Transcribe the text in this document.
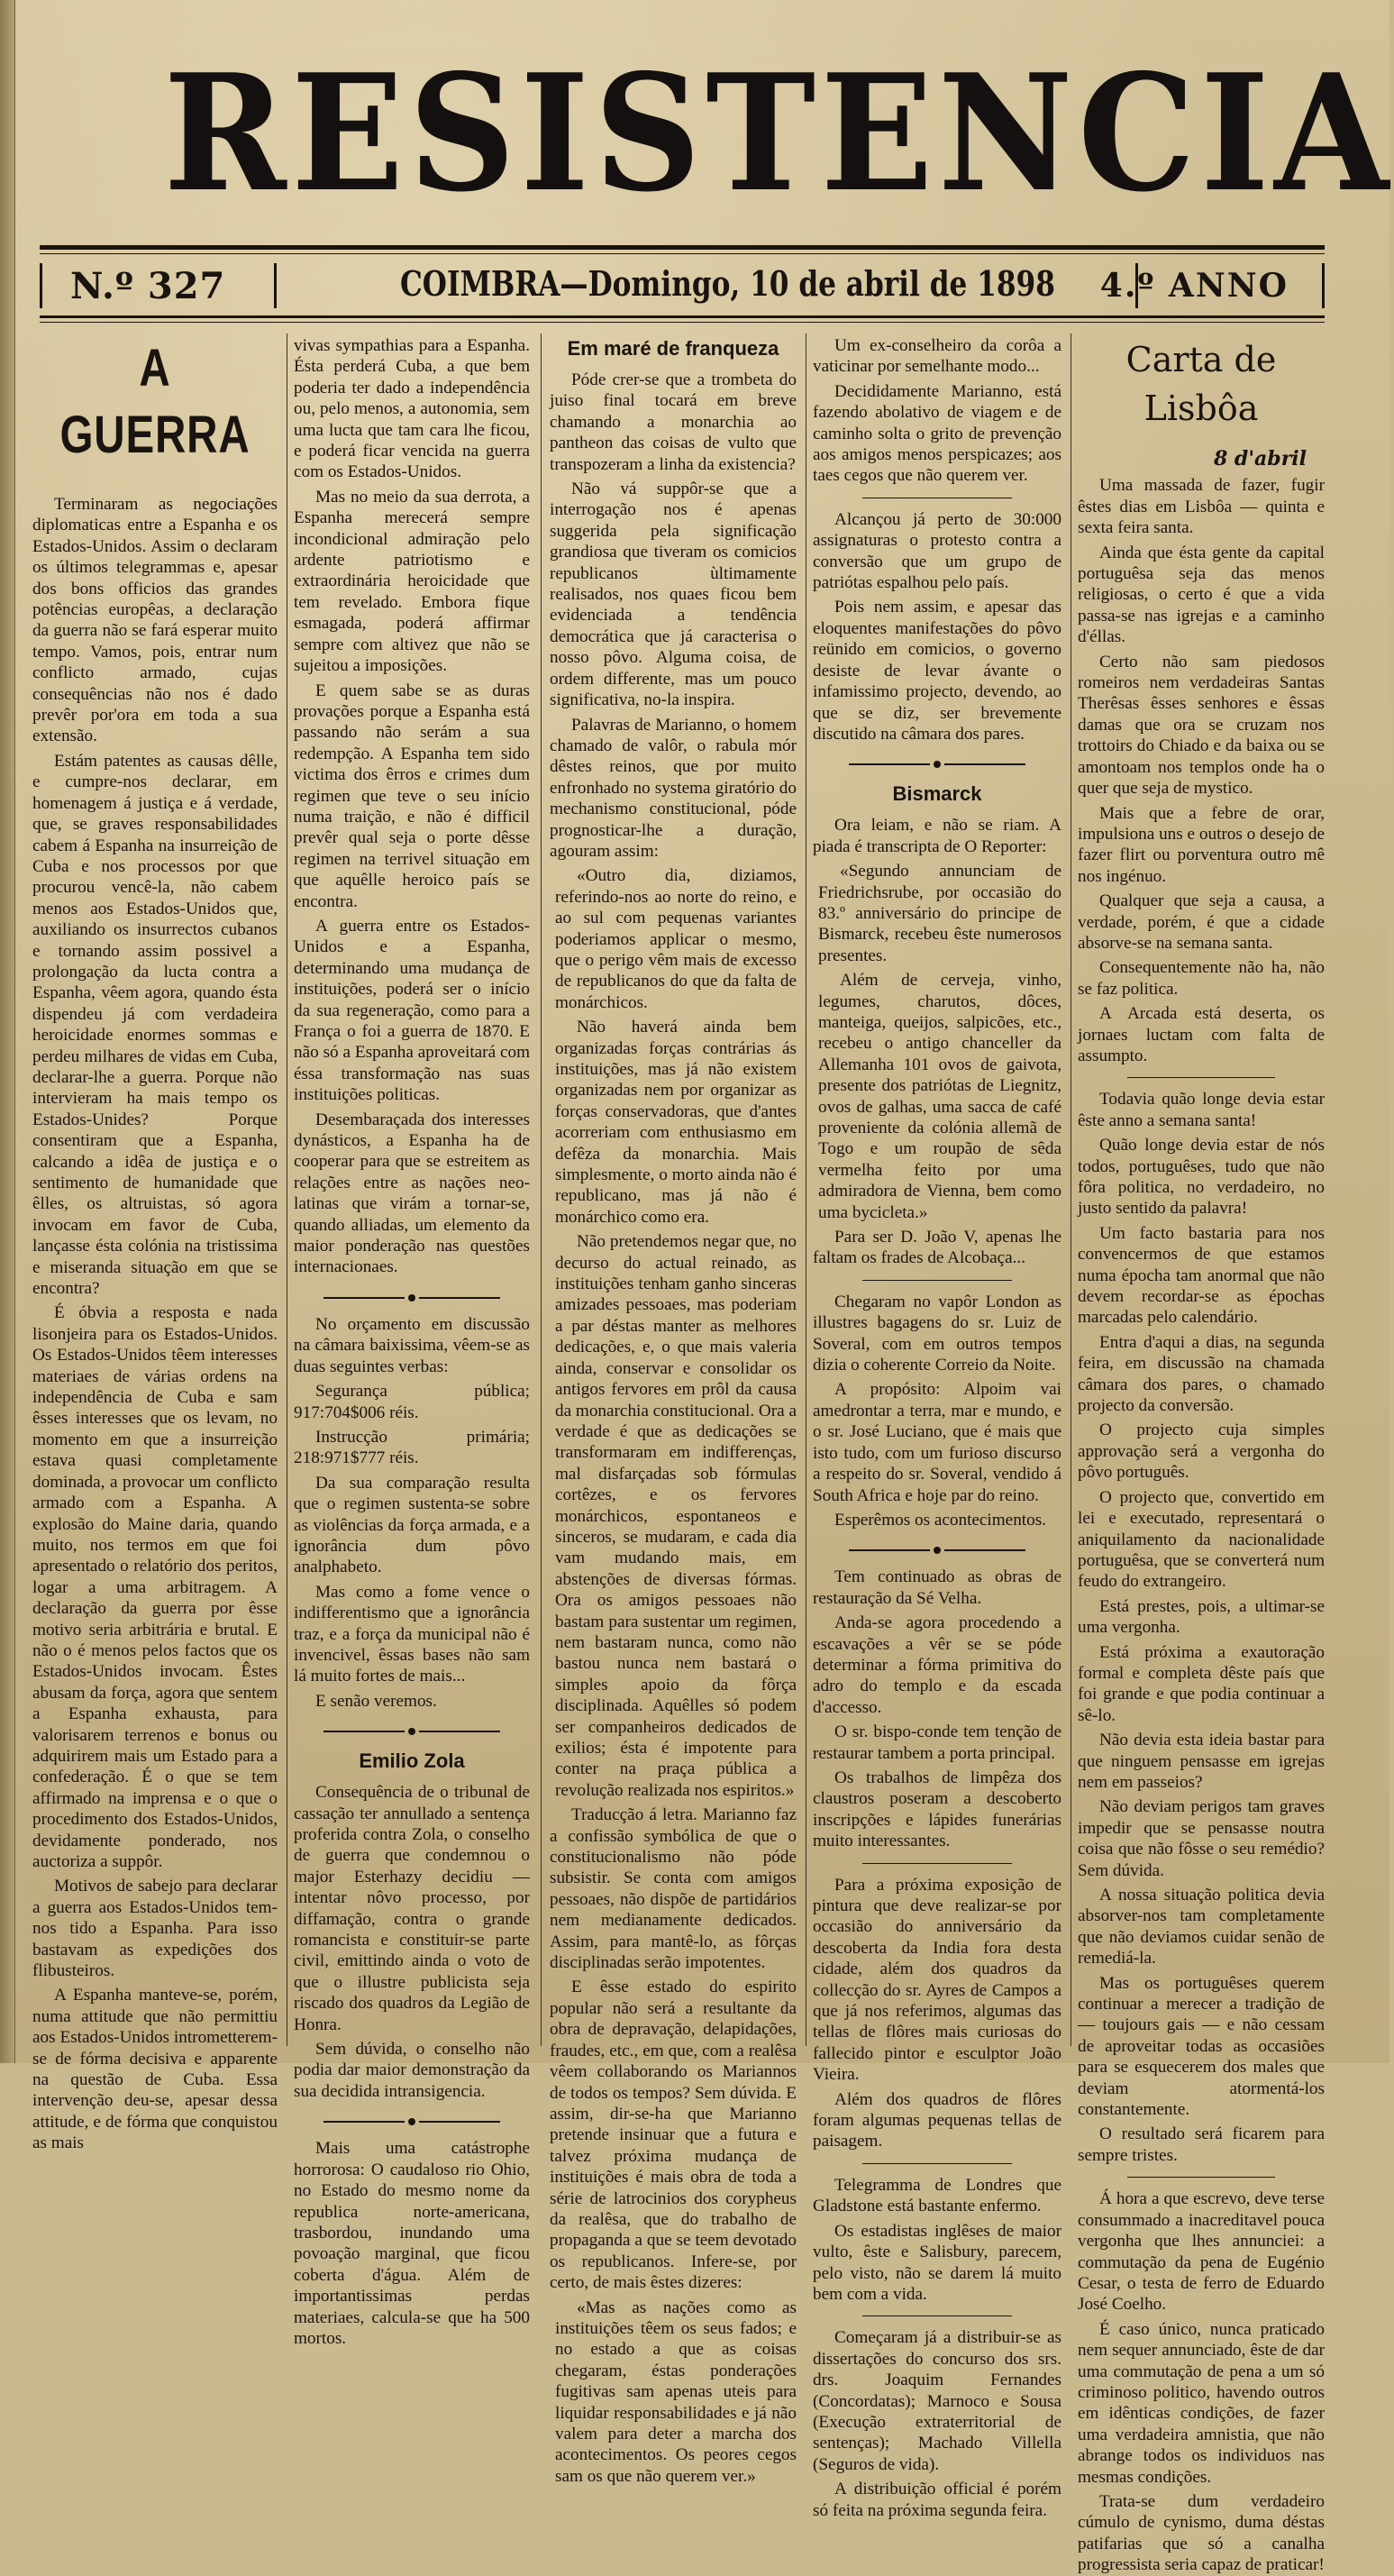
RESISTENCIA
N.º 327	COIMBRA—Domingo, 10 de abril de 1898 4.º ANNO
A GUERRA

Terminaram as negociações diplomaticas entre a Espanha e os Estados-Unidos. Assim o declaram os últimos telegrammas e, apesar dos bons officios das grandes potências europêas, a declaração da guerra não se fará esperar muito tempo. Vamos, pois, entrar num conflicto armado, cujas consequências não nos é dado prevêr por'ora em toda a sua extensão.

Estám patentes as causas dêlle, e cumpre-nos declarar, em homenagem á justiça e á verdade, que, se graves responsabilidades cabem á Espanha na insurreição de Cuba e nos processos por que procurou vencê-la, não cabem menos aos Estados-Unidos que, auxiliando os insurrectos cubanos e tornando assim possivel a prolongação da lucta contra a Espanha, vêem agora, quando ésta dispendeu já com verdadeira heroicidade enormes sommas e perdeu milhares de vidas em Cuba, declarar-lhe a guerra. Porque não intervieram ha mais tempo os Estados-Unides? Porque consentiram que a Espanha, calcando a idêa de justiça e o sentimento de humanidade que êlles, os altruistas, só agora invocam em favor de Cuba, lançasse ésta colónia na tristissima e miseranda situação em que se encontra?

É óbvia a resposta e nada lisonjeira para os Estados-Unidos. Os Estados-Unidos têem interesses materiaes de várias ordens na independência de Cuba e sam êsses interesses que os levam, no momento em que a insurreição estava quasi completamente dominada, a provocar um conflicto armado com a Espanha. A explosão do Maine daria, quando muito, nos termos em que foi apresentado o relatório dos peritos, logar a uma arbitragem. A declaração da guerra por êsse motivo seria arbitrária e brutal. E não o é menos pelos factos que os Estados-Unidos invocam. Êstes abusam da força, agora que sentem a Espanha exhausta, para valorisarem terrenos e bonus ou adquirirem mais um Estado para a confederação. É o que se tem affirmado na imprensa e o que o procedimento dos Estados-Unidos, devidamente ponderado, nos auctoriza a suppôr.

Motivos de sabejo para declarar a guerra aos Estados-Unidos tem-nos tido a Espanha. Para isso bastavam as expedições dos flibusteiros.

A Espanha manteve-se, porém, numa attitude que não permittiu aos Estados-Unidos intrometterem-se de fórma decisiva e apparente na questão de Cuba. Essa intervenção deu-se, apesar dessa attitude, e de fórma que conquistou as mais

vivas sympathias para a Espanha. Ésta perderá Cuba, a que bem poderia ter dado a independência ou, pelo menos, a autonomia, sem uma lucta que tam cara lhe ficou, e poderá ficar vencida na guerra com os Estados-Unidos.

Mas no meio da sua derrota, a Espanha merecerá sempre incondicional admiração pelo ardente patriotismo e extraordinária heroicidade que tem revelado. Embora fique esmagada, poderá affirmar sempre com altivez que não se sujeitou a imposições.

E quem sabe se as duras provações porque a Espanha está passando não serám a sua redempção. A Espanha tem sido victima dos êrros e crimes dum regimen que teve o seu início numa traição, e não é difficil prevêr qual seja o porte dêsse regimen na terrivel situação em que aquêlle heroico país se encontra.

A guerra entre os Estados-Unidos e a Espanha, determinando uma mudança de instituições, poderá ser o início da sua regeneração, como para a França o foi a guerra de 1870. E não só a Espanha aproveitará com éssa transformação nas suas instituições politicas.

Desembaraçada dos interesses dynásticos, a Espanha ha de cooperar para que se estreitem as relações entre as nações neo-latinas que virám a tornar-se, quando alliadas, um elemento da maior ponderação nas questões internacionaes.

No orçamento em discussão na câmara baixissima, vêem-se as duas seguintes verbas:

Segurança pública; 917:704$006 réis.

Instrucção primária; 218:971$777 réis.

Da sua comparação resulta que o regimen sustenta-se sobre as violências da força armada, e a ignorância dum pôvo analphabeto.

Mas como a fome vence o indifferentismo que a ignorância traz, e a força da municipal não é invencivel, êssas bases não sam lá muito fortes de mais...

E senão veremos.

Emilio Zola

Consequência de o tribunal de cassação ter annullado a sentença proferida contra Zola, o conselho de guerra que condemnou o major Esterhazy decidiu — intentar nôvo processo, por diffamação, contra o grande romancista e constituir-se parte civil, emittindo ainda o voto de que o illustre publicista seja riscado dos quadros da Legião de Honra.

Sem dúvida, o conselho não podia dar maior demonstração da sua decidida intransigencia.

Mais uma catástrophe horrorosa: O caudaloso rio Ohio, no Estado do mesmo nome da republica norte-americana, trasbordou, inundando uma povoação marginal, que ficou coberta d'água. Além de importantissimas perdas materiaes, calcula-se que ha 500 mortos.

Em maré de franqueza

Póde crer-se que a trombeta do juiso final tocará em breve chamando a monarchia ao pantheon das coisas de vulto que transpozeram a linha da existencia?

Não vá suppôr-se que a interrogação nos é apenas suggerida pela significação grandiosa que tiveram os comicios republicanos ùltimamente realisados, nos quaes ficou bem evidenciada a tendência democrática que já caracterisa o nosso pôvo. Alguma coisa, de ordem differente, mas um pouco significativa, no-la inspira.

Palavras de Marianno, o homem chamado de valôr, o rabula mór dêstes reinos, que por muito enfronhado no systema giratório do mechanismo constitucional, póde prognosticar-lhe a duração, agouram assim:

«Outro dia, diziamos, referindo-nos ao norte do reino, e ao sul com pequenas variantes poderiamos applicar o mesmo, que o perigo vêm mais de excesso de republicanos do que da falta de monárchicos.

Não haverá ainda bem organizadas forças contrárias ás instituições, mas já não existem organizadas nem por organizar as forças conservadoras, que d'antes acorreriam com enthusiasmo em defêza da monarchia. Mais simplesmente, o morto ainda não é republicano, mas já não é monárchico como era.

Não pretendemos negar que, no decurso do actual reinado, as instituições tenham ganho sinceras amizades pessoaes, mas poderiam a par déstas manter as melhores dedicações, e, o que mais valeria ainda, conservar e consolidar os antigos fervores em prôl da causa da monarchia constitucional. Ora a verdade é que as dedicações se transformaram em indifferenças, mal disfarçadas sob fórmulas cortêzes, e os fervores monárchicos, espontaneos e sinceros, se mudaram, e cada dia vam mudando mais, em abstenções de diversas fórmas. Ora os amigos pessoaes não bastam para sustentar um regimen, nem bastaram nunca, como não bastou nunca nem bastará o simples apoio da fôrça disciplinada. Aquêlles só podem ser companheiros dedicados de exilios; ésta é impotente para conter na praça pública a revolução realizada nos espiritos.»

Traducção á letra. Marianno faz a confissão symbólica de que o constitucionalismo não póde subsistir. Se conta com amigos pessoaes, não dispõe de partidários nem medianamente dedicados. Assim, para mantê-lo, as fôrças disciplinadas serão impotentes.

E êsse estado do espirito popular não será a resultante da obra de depravação, delapidações, fraudes, etc., em que, com a realêsa vêem collaborando os Mariannos de todos os tempos? Sem dúvida. E assim, dir-se-ha que Marianno pretende insinuar que a futura e talvez próxima mudança de instituições é mais obra de toda a série de latrocinios dos corypheus da realêsa, que do trabalho de propaganda a que se teem devotado os republicanos. Infere-se, por certo, de mais êstes dizeres:

«Mas as nações como as instituições têem os seus fados; e no estado a que as coisas chegaram, éstas ponderações fugitivas sam apenas uteis para liquidar responsabilidades e já não valem para deter a marcha dos acontecimentos. Os peores cegos sam os que não querem ver.»

Um ex-conselheiro da corôa a vaticinar por semelhante modo...

Decididamente Marianno, está fazendo abolativo de viagem e de caminho solta o grito de prevenção aos amigos menos perspicazes; aos taes cegos que não querem ver.

Alcançou já perto de 30:000 assignaturas o protesto contra a conversão que um grupo de patriótas espalhou pelo país.

Pois nem assim, e apesar das eloquentes manifestações do pôvo reünido em comicios, o governo desiste de levar ávante o infamissimo projecto, devendo, ao que se diz, ser brevemente discutido na câmara dos pares.

Bismarck

Ora leiam, e não se riam. A piada é transcripta de O Reporter:

«Segundo annunciam de Friedrichsrube, por occasião do 83.º anniversário do principe de Bismarck, recebeu êste numerosos presentes.

Além de cerveja, vinho, legumes, charutos, dôces, manteiga, queijos, salpicões, etc., recebeu o antigo chanceller da Allemanha 101 ovos de gaivota, presente dos patriótas de Liegnitz, ovos de galhas, uma sacca de café proveniente da colónia allemã de Togo e um roupão de sêda vermelha feito por uma admiradora de Vienna, bem como uma bycicleta.»

Para ser D. João V, apenas lhe faltam os frades de Alcobaça...

Chegaram no vapôr London as illustres bagagens do sr. Luiz de Soveral, com em outros tempos dizia o coherente Correio da Noite.

A propósito: Alpoim vai amedrontar a terra, mar e mundo, e o sr. José Luciano, que é mais que isto tudo, com um furioso discurso a respeito do sr. Soveral, vendido á South Africa e hoje par do reino.

Esperêmos os acontecimentos.

Tem continuado as obras de restauração da Sé Velha.

Anda-se agora procedendo a escavações a vêr se se póde determinar a fórma primitiva do adro do templo e da escada d'accesso.

O sr. bispo-conde tem tenção de restaurar tambem a porta principal.

Os trabalhos de limpêza dos claustros poseram a descoberto inscripções e lápides funerárias muito interessantes.

Para a próxima exposição de pintura que deve realizar-se por occasião do anniversário da descoberta da India fora desta cidade, além dos quadros da collecção do sr. Ayres de Campos a que já nos referimos, algumas das tellas de flôres mais curiosas do fallecido pintor e esculptor João Vieira.

Além dos quadros de flôres foram algumas pequenas tellas de paisagem.

Telegramma de Londres que Gladstone está bastante enfermo.

Os estadistas inglêses de maior vulto, êste e Salisbury, parecem, pelo visto, não se darem lá muito bem com a vida.

Começaram já a distribuir-se as dissertações do concurso dos srs. drs. Joaquim Fernandes (Concordatas); Marnoco e Sousa (Execução extraterritorial de sentenças); Machado Villella (Seguros de vida).

A distribuição official é porém só feita na próxima segunda feira.

Carta de Lisbôa
8 d'abril

Uma massada de fazer, fugir êstes dias em Lisbôa — quinta e sexta feira santa.

Ainda que ésta gente da capital portuguêsa seja das menos religiosas, o certo é que a vida passa-se nas igrejas e a caminho d'éllas.

Certo não sam piedosos romeiros nem verdadeiras Santas Therêsas êsses senhores e êssas damas que ora se cruzam nos trottoirs do Chiado e da baixa ou se amontoam nos templos onde ha o quer que seja de mystico.

Mais que a febre de orar, impulsiona uns e outros o desejo de fazer flirt ou porventura outro mê nos ingénuo.

Qualquer que seja a causa, a verdade, porém, é que a cidade absorve-se na semana santa.

Consequentemente não ha, não se faz politica.

A Arcada está deserta, os jornaes luctam com falta de assumpto.

Todavia quão longe devia estar êste anno a semana santa!

Quão longe devia estar de nós todos, portuguêses, tudo que não fôra politica, no verdadeiro, no justo sentido da palavra!

Um facto bastaria para nos convencermos de que estamos numa épocha tam anormal que não devem recordar-se as épochas marcadas pelo calendário.

Entra d'aqui a dias, na segunda feira, em discussão na chamada câmara dos pares, o chamado projecto da conversão.

O projecto cuja simples approvação será a vergonha do pôvo português.

O projecto que, convertido em lei e executado, representará o aniquilamento da nacionalidade portuguêsa, que se converterá num feudo do extrangeiro.

Está prestes, pois, a ultimar-se uma vergonha.

Está próxima a exautoração formal e completa dêste país que foi grande e que podia continuar a sê-lo.

Não devia esta ideia bastar para que ninguem pensasse em igrejas nem em passeios?

Não deviam perigos tam graves impedir que se pensasse noutra coisa que não fôsse o seu remédio? Sem dúvida.

A nossa situação politica devia absorver-nos tam completamente que não deviamos cuidar senão de remediá-la.

Mas os portuguêses querem continuar a merecer a tradição de — toujours gais — e não cessam de aproveitar todas as occasiões para se esquecerem dos males que deviam atormentá-los constantemente.

O resultado será ficarem para sempre tristes.

Á hora a que escrevo, deve terse consummado a inacreditavel pouca vergonha que lhes annunciei: a commutação da pena de Eugénio Cesar, o testa de ferro de Eduardo José Coelho.

É caso único, nunca praticado nem sequer annunciado, êste de dar uma commutação de pena a um só criminoso politico, havendo outros em idênticas condições, de fazer uma verdadeira amnistia, que não abrange todos os individuos nas mesmas condições.

Trata-se dum verdadeiro cúmulo de cynismo, duma déstas patifarias que só a canalha progressista seria capaz de praticar!
